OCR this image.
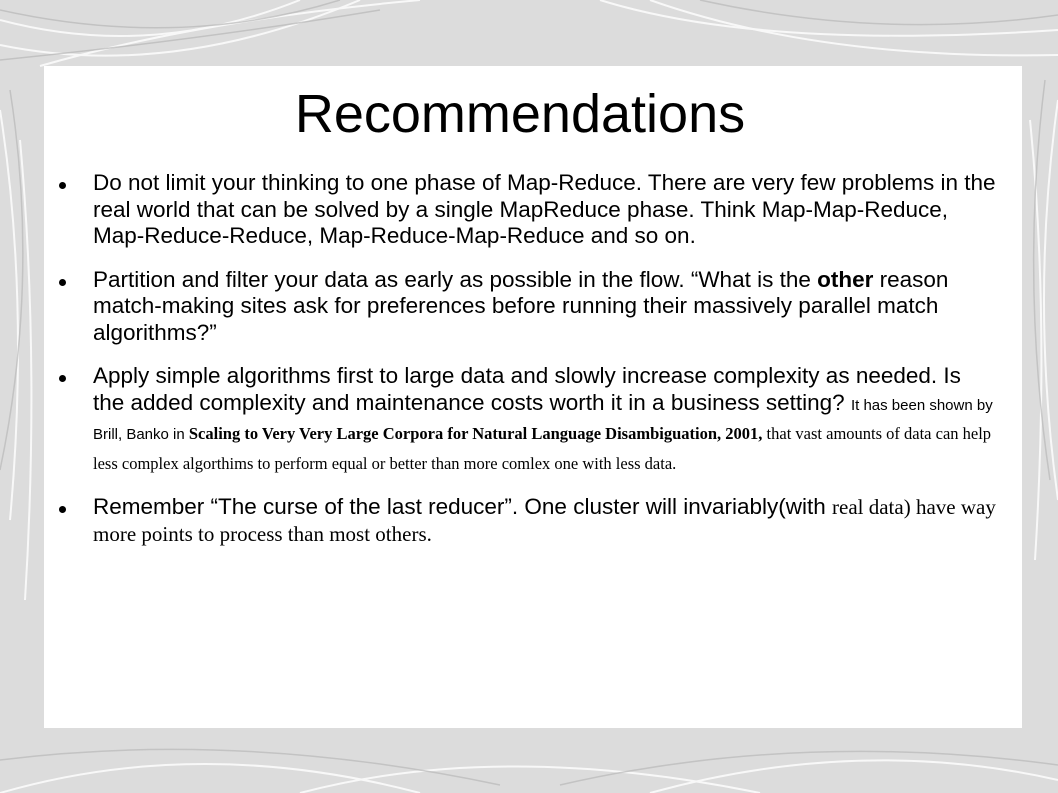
Recommendations
Do not limit your thinking to one phase of Map-Reduce. There are very few problems in the real world that can be solved by a single MapReduce phase. Think Map-Map-Reduce, Map-Reduce-Reduce, Map-Reduce-Map-Reduce and so on.
Partition and filter your data as early as possible in the flow. “What is the other reason match-making sites ask for preferences before running their massively parallel match algorithms?”
Apply simple algorithms first to large data and slowly increase complexity as needed. Is the added complexity and maintenance costs worth it in a business setting? It has been shown by Brill, Banko in Scaling to Very Very Large Corpora for Natural Language Disambiguation, 2001, that vast amounts of data can help less complex algorthims to perform equal or better than more comlex one with less data.
Remember “The curse of the last reducer”. One cluster will invariably(with real data) have way more points to process than most others.
